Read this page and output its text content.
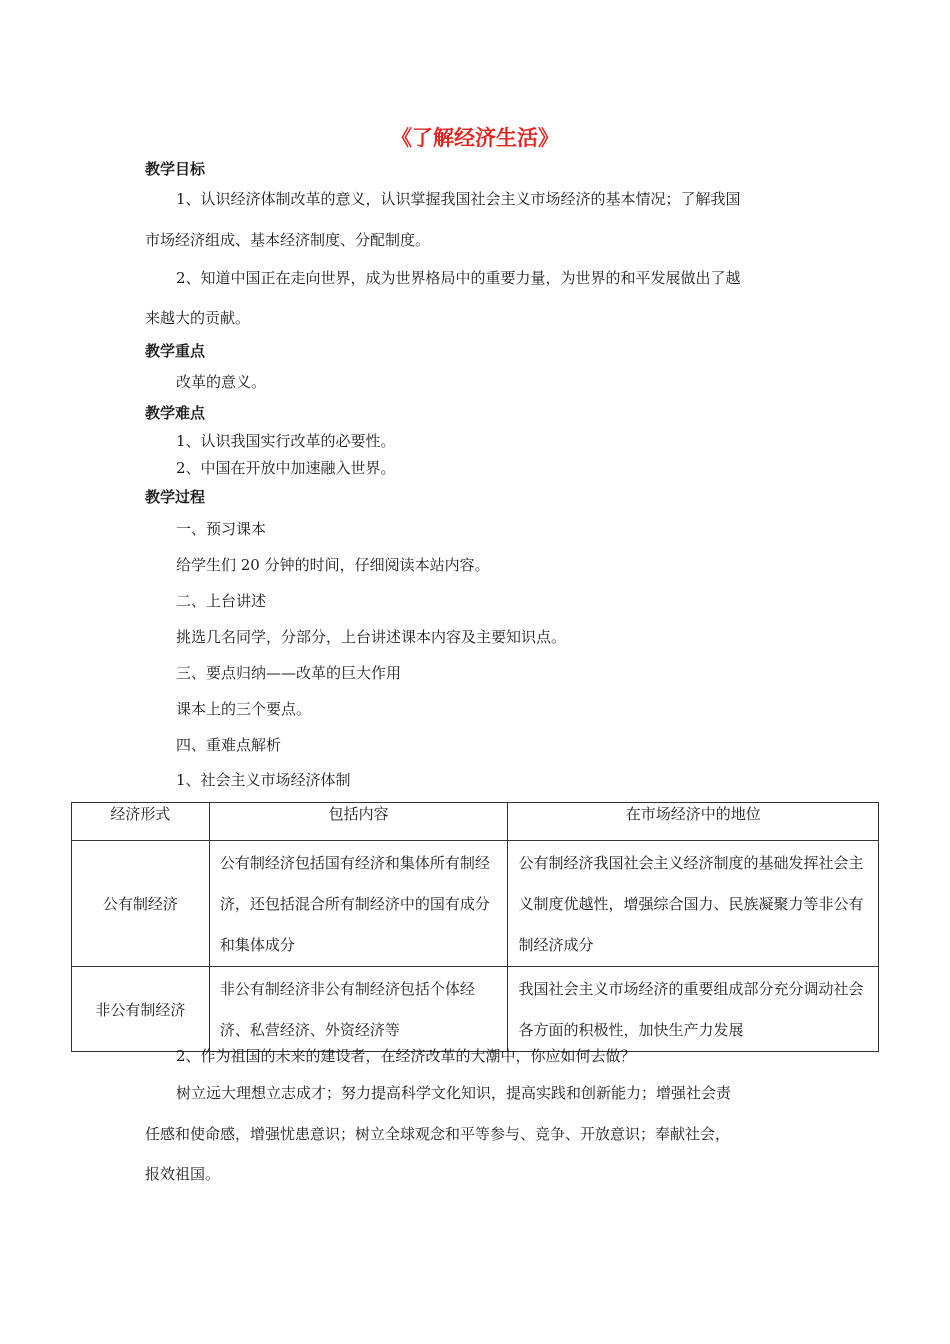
《了解经济生活》
教学目标
1、认识经济体制改革的意义，认识掌握我国社会主义市场经济的基本情况；了解我国
市场经济组成、基本经济制度、分配制度。
2、知道中国正在走向世界，成为世界格局中的重要力量，为世界的和平发展做出了越
来越大的贡献。
教学重点
改革的意义。
教学难点
1、认识我国实行改革的必要性。
2、中国在开放中加速融入世界。
教学过程
一、预习课本
给学生们 20 分钟的时间，仔细阅读本站内容。
二、上台讲述
挑选几名同学，分部分，上台讲述课本内容及主要知识点。
三、要点归纳——改革的巨大作用
课本上的三个要点。
四、重难点解析
1、社会主义市场经济体制
经济形式	包括内容	在市场经济中的地位
公有制经济	公有制经济包括国有经济和集体所有制经济，还包括混合所有制经济中的国有成分和集体成分	公有制经济我国社会主义经济制度的基础发挥社会主义制度优越性，增强综合国力、民族凝聚力等非公有制经济成分
非公有制经济	非公有制经济非公有制经济包括个体经济、私营经济、外资经济等	我国社会主义市场经济的重要组成部分充分调动社会各方面的积极性，加快生产力发展
2、作为祖国的未来的建设者，在经济改革的大潮中，你应如何去做？
树立远大理想立志成才；努力提高科学文化知识，提高实践和创新能力；增强社会责
任感和使命感，增强忧患意识；树立全球观念和平等参与、竞争、开放意识；奉献社会，
报效祖国。
